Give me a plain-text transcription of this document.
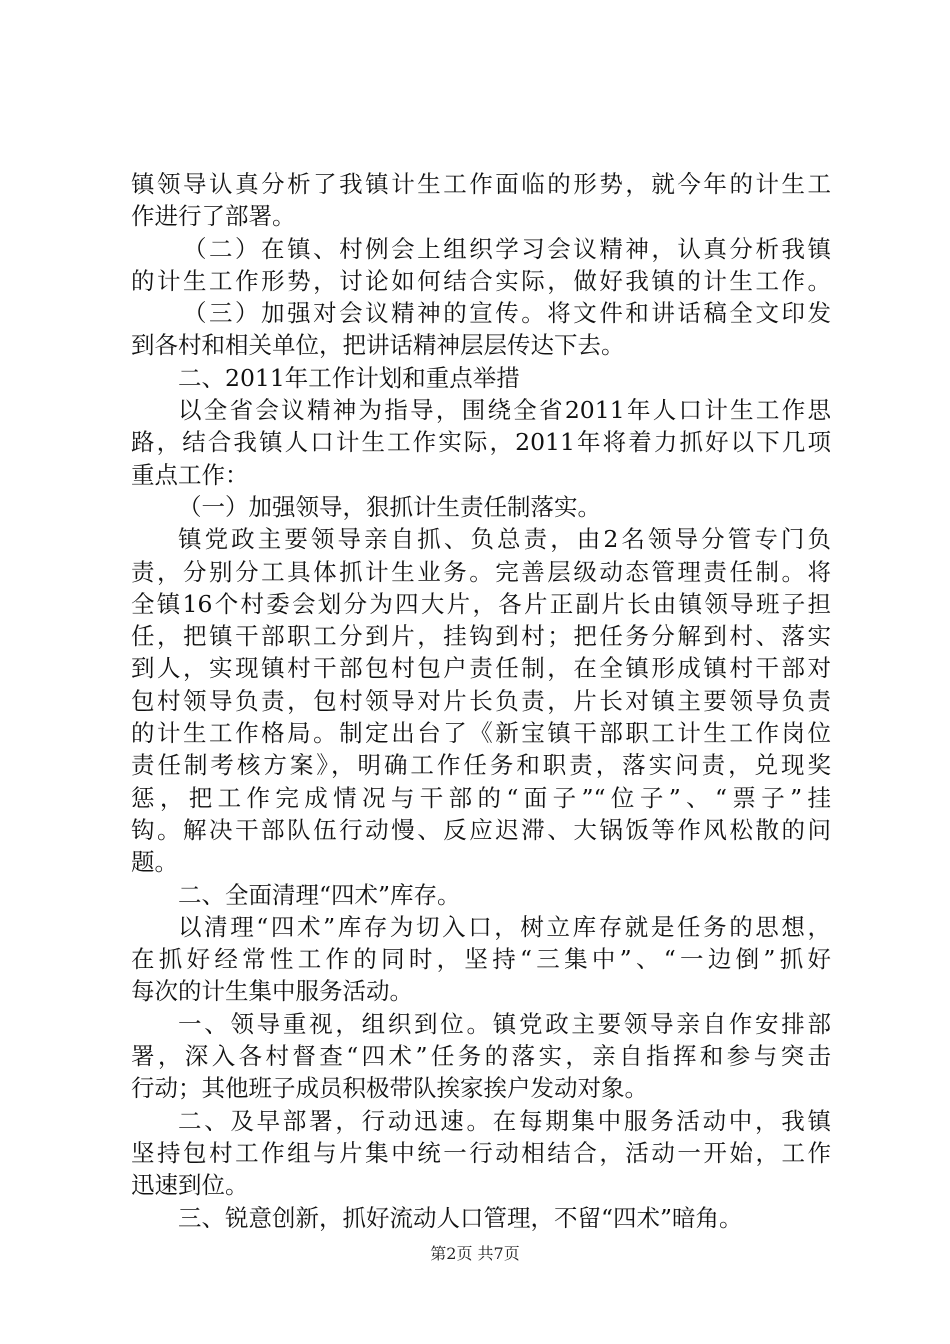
镇领导认真分析了我镇计生工作面临的形势，就今年的计生工
作进行了部署。
（二）在镇、村例会上组织学习会议精神，认真分析我镇
的计生工作形势，讨论如何结合实际，做好我镇的计生工作。
（三）加强对会议精神的宣传。将文件和讲话稿全文印发
到各村和相关单位，把讲话精神层层传达下去。
二、2011年工作计划和重点举措
以全省会议精神为指导，围绕全省2011年人口计生工作思
路，结合我镇人口计生工作实际，2011年将着力抓好以下几项
重点工作：
（一）加强领导，狠抓计生责任制落实。
镇党政主要领导亲自抓、负总责，由2名领导分管专门负
责，分别分工具体抓计生业务。完善层级动态管理责任制。将
全镇16个村委会划分为四大片，各片正副片长由镇领导班子担
任，把镇干部职工分到片，挂钩到村；把任务分解到村、落实
到人，实现镇村干部包村包户责任制，在全镇形成镇村干部对
包村领导负责，包村领导对片长负责，片长对镇主要领导负责
的计生工作格局。制定出台了《新宝镇干部职工计生工作岗位
责任制考核方案》，明确工作任务和职责，落实问责，兑现奖
惩，把工作完成情况与干部的“面子”“位子”、“票子”挂
钩。解决干部队伍行动慢、反应迟滞、大锅饭等作风松散的问
题。
二、全面清理“四术”库存。
以清理“四术”库存为切入口，树立库存就是任务的思想，
在抓好经常性工作的同时，坚持“三集中”、“一边倒”抓好
每次的计生集中服务活动。
一、领导重视，组织到位。镇党政主要领导亲自作安排部
署，深入各村督查“四术”任务的落实，亲自指挥和参与突击
行动；其他班子成员积极带队挨家挨户发动对象。
二、及早部署，行动迅速。在每期集中服务活动中，我镇
坚持包村工作组与片集中统一行动相结合，活动一开始，工作
迅速到位。
三、锐意创新，抓好流动人口管理，不留“四术”暗角。
第2页 共7页
